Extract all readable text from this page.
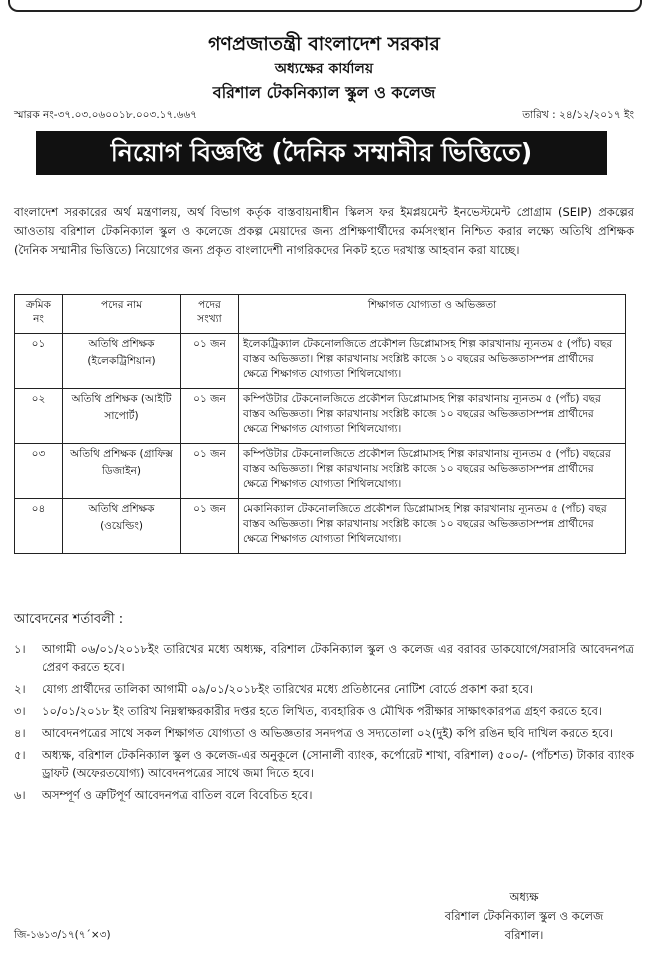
গণপ্রজাতন্ত্রী বাংলাদেশ সরকার
অধ্যক্ষের কার্যালয়
বরিশাল টেকনিক্যাল স্কুল ও কলেজ
স্মারক নং-৩৭.০৩.০৬০০১৮.০০৩.১৭.৬৬৭	তারিখ : ২৪/১২/২০১৭ ইং
নিয়োগ বিজ্ঞপ্তি (দৈনিক সম্মানীর ভিত্তিতে)
বাংলাদেশ সরকারের অর্থ মন্ত্রণালয়, অর্থ বিভাগ কর্তৃক বাস্তবায়নাধীন স্কিলস ফর ইমপ্লয়মেন্ট ইনভেস্টমেন্ট প্রোগ্রাম (SEIP) প্রকল্পের আওতায় বরিশাল টেকনিক্যাল স্কুল ও কলেজে প্রকল্প মেয়াদের জন্য প্রশিক্ষণার্থীদের কর্মসংস্থান নিশ্চিত করার লক্ষ্যে অতিথি প্রশিক্ষক (দৈনিক সম্মানীর ভিত্তিতে) নিয়োগের জন্য প্রকৃত বাংলাদেশী নাগরিকদের নিকট হতে দরখাস্ত আহবান করা যাচ্ছে।
ক্রমিক নং	পদের নাম	পদের সংখ্যা	শিক্ষাগত যোগ্যতা ও অভিজ্ঞতা
০১	অতিথি প্রশিক্ষক (ইলেকট্রিশিয়ান)	০১ জন	ইলেকট্রিক্যাল টেকনোলজিতে প্রকৌশল ডিপ্লোমাসহ শিল্প কারখানায় ন্যূনতম ৫ (পাঁচ) বছর বাস্তব অভিজ্ঞতা। শিল্প কারখানায় সংশ্লিষ্ট কাজে ১০ বছরের অভিজ্ঞতাসম্পন্ন প্রার্থীদের ক্ষেত্রে শিক্ষাগত যোগ্যতা শিথিলযোগ্য।
০২	অতিথি প্রশিক্ষক (আইটি সাপোর্ট)	০১ জন	কম্পিউটার টেকনোলজিতে প্রকৌশল ডিপ্লোমাসহ শিল্প কারখানায় ন্যূনতম ৫ (পাঁচ) বছর বাস্তব অভিজ্ঞতা। শিল্প কারখানায় সংশ্লিষ্ট কাজে ১০ বছরের অভিজ্ঞতাসম্পন্ন প্রার্থীদের ক্ষেত্রে শিক্ষাগত যোগ্যতা শিথিলযোগ্য।
০৩	অতিথি প্রশিক্ষক (গ্রাফিক্স ডিজাইন)	০১ জন	কম্পিউটার টেকনোলজিতে প্রকৌশল ডিপ্লোমাসহ শিল্প কারখানায় ন্যূনতম ৫ (পাঁচ) বছরের বাস্তব অভিজ্ঞতা। শিল্প কারখানায় সংশ্লিষ্ট কাজে ১০ বছরের অভিজ্ঞতাসম্পন্ন প্রার্থীদের ক্ষেত্রে শিক্ষাগত যোগ্যতা শিথিলযোগ্য।
০৪	অতিথি প্রশিক্ষক (ওয়েল্ডিং)	০১ জন	মেকানিক্যাল টেকনোলজিতে প্রকৌশল ডিপ্লোমাসহ শিল্প কারখানায় ন্যূনতম ৫ (পাঁচ) বছর বাস্তব অভিজ্ঞতা। শিল্প কারখানায় সংশ্লিষ্ট কাজে ১০ বছরের অভিজ্ঞতাসম্পন্ন প্রার্থীদের ক্ষেত্রে শিক্ষাগত যোগ্যতা শিথিলযোগ্য।
আবেদনের শর্তাবলী :
১।	আগামী ০৬/০১/২০১৮ইং তারিখের মধ্যে অধ্যক্ষ, বরিশাল টেকনিক্যাল স্কুল ও কলেজ এর বরাবর ডাকযোগে/সরাসরি আবেদনপত্র প্রেরণ করতে হবে।
২।	যোগ্য প্রার্থীদের তালিকা আগামী ০৯/০১/২০১৮ইং তারিখের মধ্যে প্রতিষ্ঠানের নোটিশ বোর্ডে প্রকাশ করা হবে।
৩।	১০/০১/২০১৮ ইং তারিখ নিম্নস্বাক্ষরকারীর দপ্তর হতে লিখিত, ব্যবহারিক ও মৌখিক পরীক্ষার সাক্ষাৎকারপত্র গ্রহণ করতে হবে।
৪।	আবেদনপত্রের সাথে সকল শিক্ষাগত যোগ্যতা ও অভিজ্ঞতার সনদপত্র ও সদ্যতোলা ০২(দুই) কপি রঙিন ছবি দাখিল করতে হবে।
৫।	অধ্যক্ষ, বরিশাল টেকনিক্যাল স্কুল ও কলেজ-এর অনুকূলে (সোনালী ব্যাংক, কর্পোরেট শাখা, বরিশাল) ৫০০/- (পাঁচশত) টাকার ব্যাংক ড্রাফট (অফেরতযোগ্য) আবেদনপত্রের সাথে জমা দিতে হবে।
৬।	অসম্পূর্ণ ও ত্রুটিপূর্ণ আবেদনপত্র বাতিল বলে বিবেচিত হবে।
অধ্যক্ষ
বরিশাল টেকনিক্যাল স্কুল ও কলেজ
বরিশাল।
জি-১৬১৩/১৭(৭´×৩)
